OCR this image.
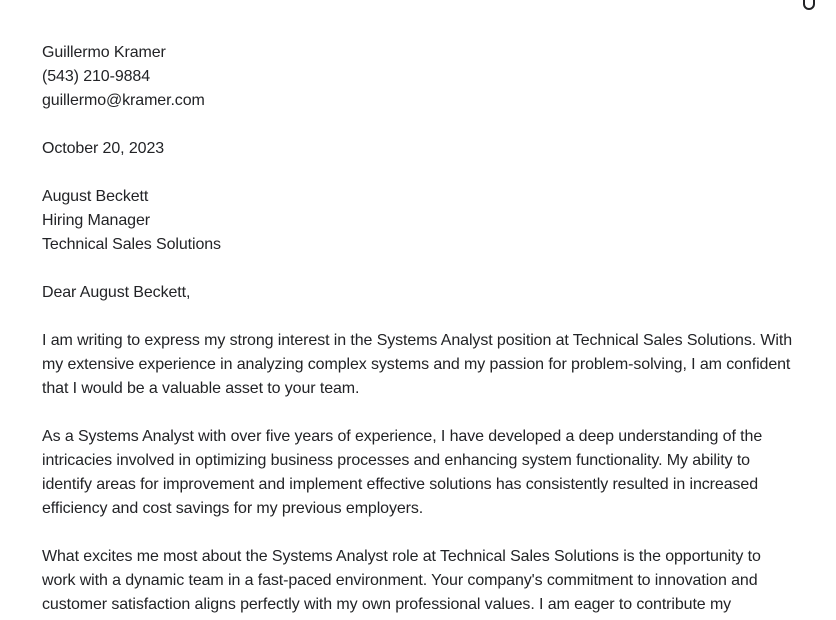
Guillermo Kramer
(543) 210-9884
guillermo@kramer.com
October 20, 2023
August Beckett
Hiring Manager
Technical Sales Solutions
Dear August Beckett,

I am writing to express my strong interest in the Systems Analyst position at Technical Sales Solutions. With my extensive experience in analyzing complex systems and my passion for problem-solving, I am confident that I would be a valuable asset to your team.

As a Systems Analyst with over five years of experience, I have developed a deep understanding of the intricacies involved in optimizing business processes and enhancing system functionality. My ability to identify areas for improvement and implement effective solutions has consistently resulted in increased efficiency and cost savings for my previous employers.

What excites me most about the Systems Analyst role at Technical Sales Solutions is the opportunity to work with a dynamic team in a fast-paced environment. Your company's commitment to innovation and customer satisfaction aligns perfectly with my own professional values. I am eager to contribute my
